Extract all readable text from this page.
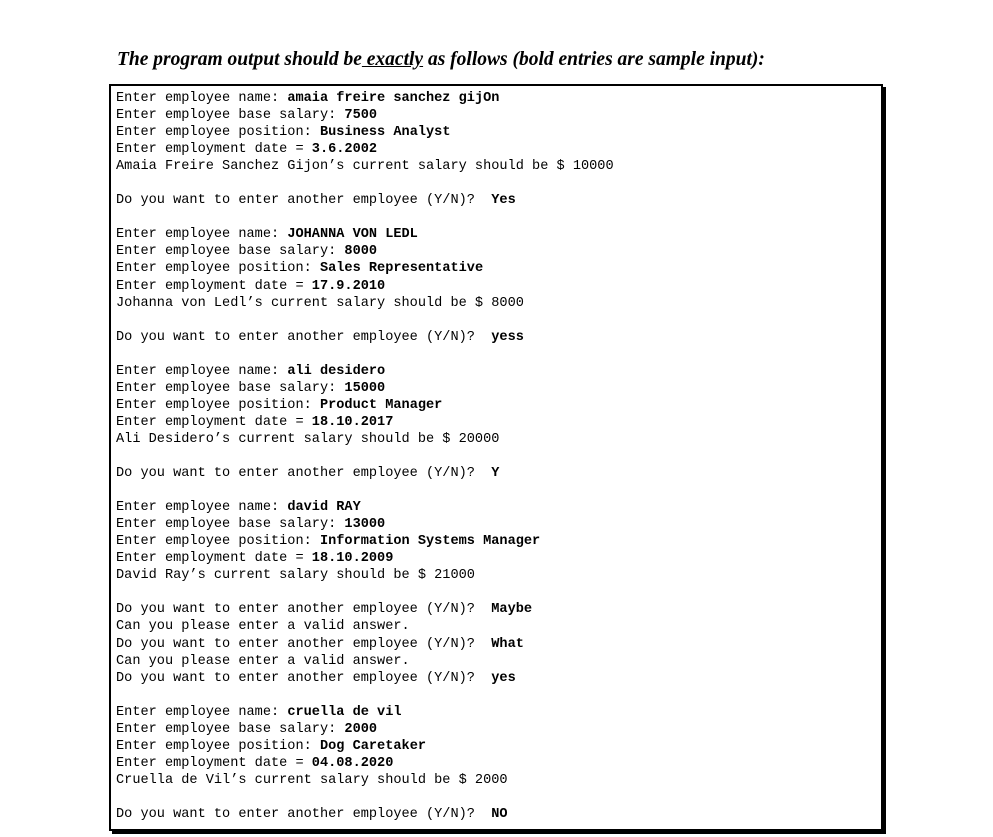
The program output should be exactly as follows (bold entries are sample input):
Enter employee name: amaia freire sanchez gijOn
Enter employee base salary: 7500
Enter employee position: Business Analyst
Enter employment date = 3.6.2002
Amaia Freire Sanchez Gijon’s current salary should be $ 10000
Do you want to enter another employee (Y/N)?  Yes
Enter employee name: JOHANNA VON LEDL
Enter employee base salary: 8000
Enter employee position: Sales Representative
Enter employment date = 17.9.2010
Johanna von Ledl’s current salary should be $ 8000
Do you want to enter another employee (Y/N)?  yess
Enter employee name: ali desidero
Enter employee base salary: 15000
Enter employee position: Product Manager
Enter employment date = 18.10.2017
Ali Desidero’s current salary should be $ 20000
Do you want to enter another employee (Y/N)?  Y
Enter employee name: david RAY
Enter employee base salary: 13000
Enter employee position: Information Systems Manager
Enter employment date = 18.10.2009
David Ray’s current salary should be $ 21000
Do you want to enter another employee (Y/N)?  Maybe
Can you please enter a valid answer.
Do you want to enter another employee (Y/N)?  What
Can you please enter a valid answer.
Do you want to enter another employee (Y/N)?  yes
Enter employee name: cruella de vil
Enter employee base salary: 2000
Enter employee position: Dog Caretaker
Enter employment date = 04.08.2020
Cruella de Vil’s current salary should be $ 2000
Do you want to enter another employee (Y/N)?  NO
